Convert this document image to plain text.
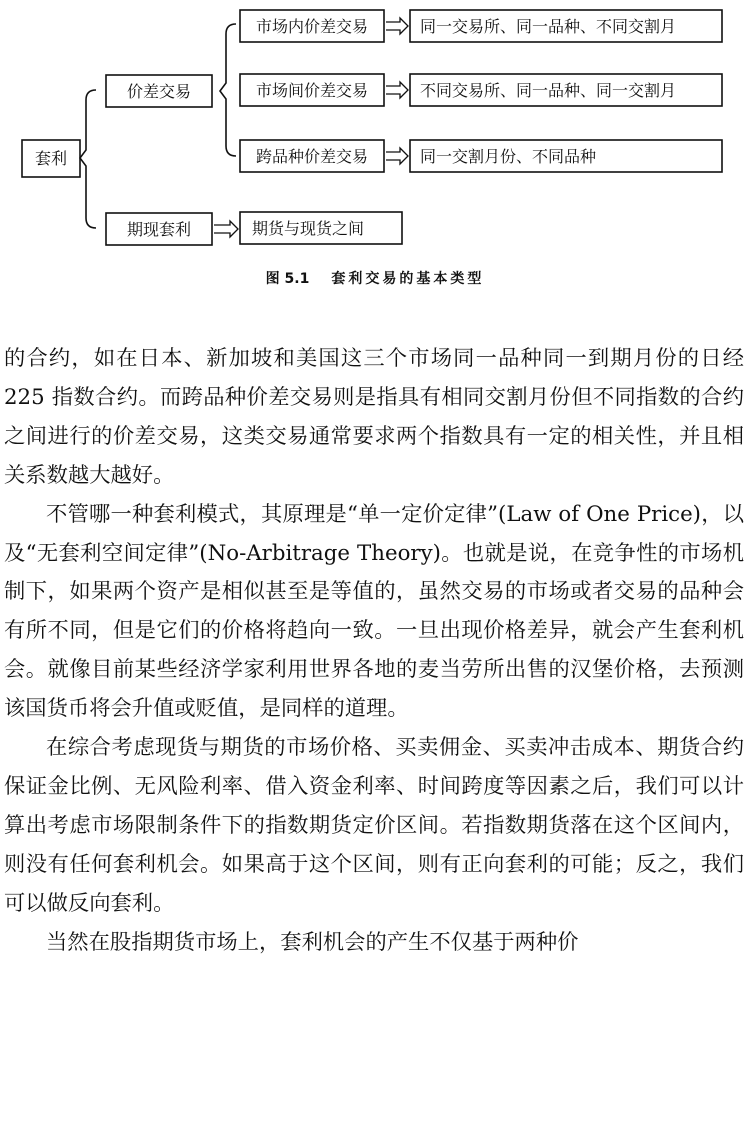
套利
价差交易
期现套利
市场内价差交易	同一交易所、同一品种、不同交割月
市场间价差交易	不同交易所、同一品种、同一交割月
跨品种价差交易	同一交割月份、不同品种
期货与现货之间
图 5.1 套利交易的基本类型

的合约，如在日本、新加坡和美国这三个市场同一品种同一到期月份的日经 225 指数合约。而跨品种价差交易则是指具有相同交割月份但不同指数的合约之间进行的价差交易，这类交易通常要求两个指数具有一定的相关性，并且相关系数越大越好。

不管哪一种套利模式，其原理是“单一定价定律”(Law of One Price)，以及“无套利空间定律”(No-Arbitrage Theory)。也就是说，在竞争性的市场机制下，如果两个资产是相似甚至是等值的，虽然交易的市场或者交易的品种会有所不同，但是它们的价格将趋向一致。一旦出现价格差异，就会产生套利机会。就像目前某些经济学家利用世界各地的麦当劳所出售的汉堡价格，去预测该国货币将会升值或贬值，是同样的道理。

在综合考虑现货与期货的市场价格、买卖佣金、买卖冲击成本、期货合约保证金比例、无风险利率、借入资金利率、时间跨度等因素之后，我们可以计算出考虑市场限制条件下的指数期货定价区间。若指数期货落在这个区间内，则没有任何套利机会。如果高于这个区间，则有正向套利的可能；反之，我们可以做反向套利。

当然在股指期货市场上，套利机会的产生不仅基于两种价
